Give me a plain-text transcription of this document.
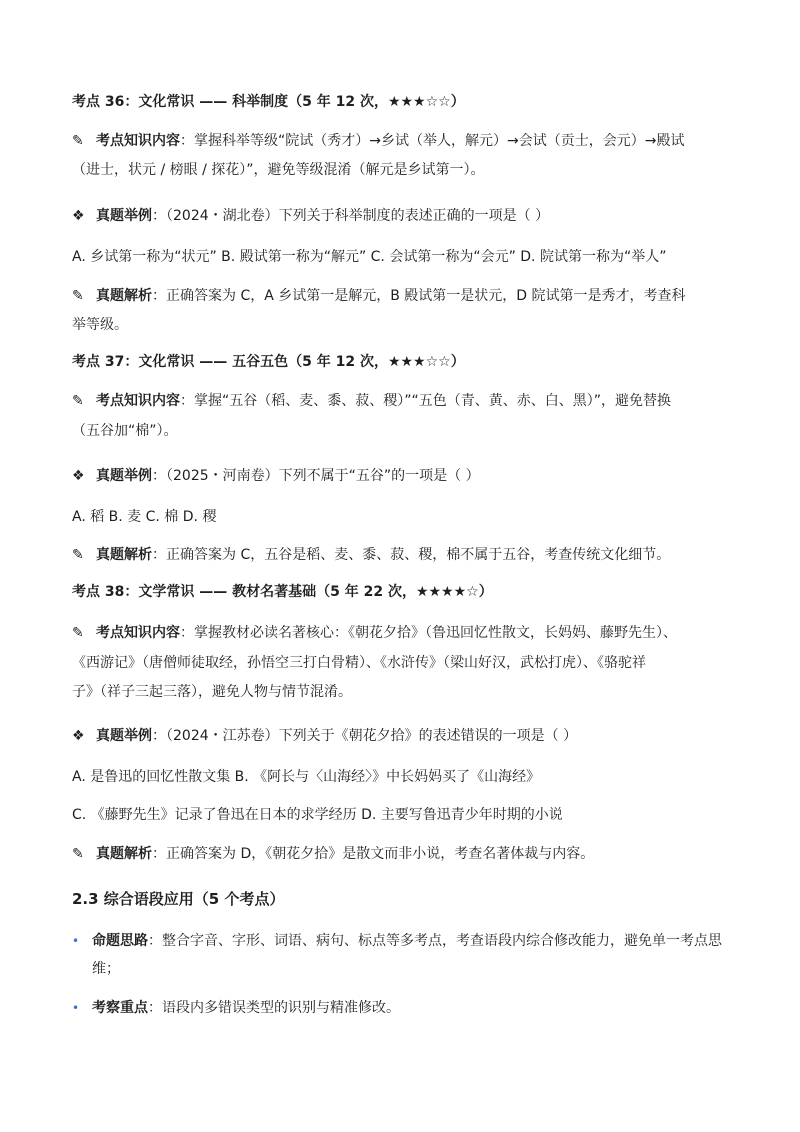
考点 36：文化常识 —— 科举制度（5 年 12 次，★★★☆☆）
✎ 考点知识内容：掌握科举等级“院试（秀才）→乡试（举人，解元）→会试（贡士，会元）→殿试
（进士，状元 / 榜眼 / 探花）”，避免等级混淆（解元是乡试第一）。
❖ 真题举例：（2024・湖北卷）下列关于科举制度的表述正确的一项是（ ）
A. 乡试第一称为“状元” B. 殿试第一称为“解元” C. 会试第一称为“会元” D. 院试第一称为“举人”
✎ 真题解析：正确答案为 C，A 乡试第一是解元，B 殿试第一是状元，D 院试第一是秀才，考查科
举等级。
考点 37：文化常识 —— 五谷五色（5 年 12 次，★★★☆☆）
✎ 考点知识内容：掌握“五谷（稻、麦、黍、菽、稷）”“五色（青、黄、赤、白、黑）”，避免替换
（五谷加“棉”）。
❖ 真题举例：（2025・河南卷）下列不属于“五谷”的一项是（ ）
A. 稻 B. 麦 C. 棉 D. 稷
✎ 真题解析：正确答案为 C，五谷是稻、麦、黍、菽、稷，棉不属于五谷，考查传统文化细节。
考点 38：文学常识 —— 教材名著基础（5 年 22 次，★★★★☆）
✎ 考点知识内容：掌握教材必读名著核心：《朝花夕拾》（鲁迅回忆性散文，长妈妈、藤野先生）、
《西游记》（唐僧师徒取经，孙悟空三打白骨精）、《水浒传》（梁山好汉，武松打虎）、《骆驼祥
子》（祥子三起三落），避免人物与情节混淆。
❖ 真题举例：（2024・江苏卷）下列关于《朝花夕拾》的表述错误的一项是（ ）
A. 是鲁迅的回忆性散文集 B. 《阿长与〈山海经〉》中长妈妈买了《山海经》
C. 《藤野先生》记录了鲁迅在日本的求学经历 D. 主要写鲁迅青少年时期的小说
✎ 真题解析：正确答案为 D，《朝花夕拾》是散文而非小说，考查名著体裁与内容。
2.3 综合语段应用（5 个考点）
• 命题思路：整合字音、字形、词语、病句、标点等多考点，考查语段内综合修改能力，避免单一考点思维；
• 考察重点：语段内多错误类型的识别与精准修改。
